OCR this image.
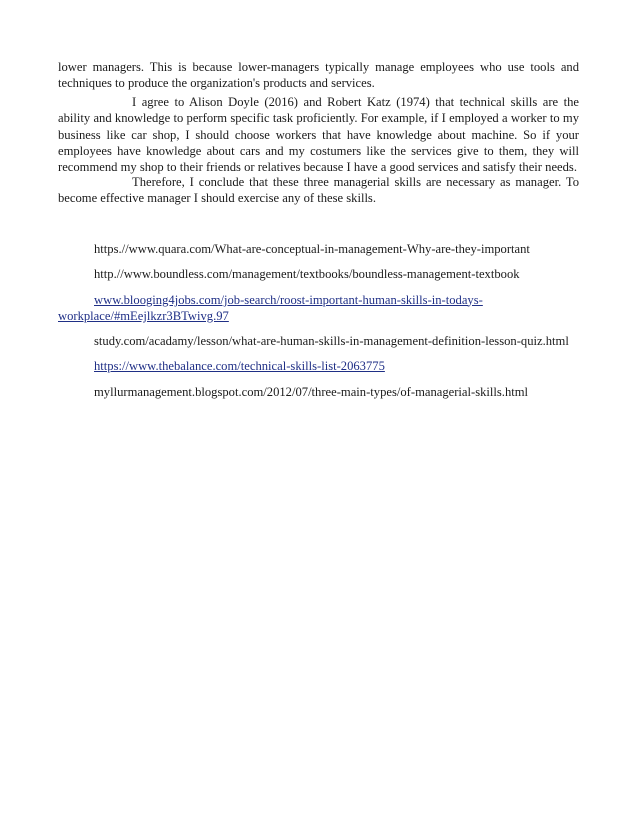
lower managers. This is because lower-managers typically manage employees who use tools and techniques to produce the organization's products and services.

I agree to Alison Doyle (2016) and Robert Katz (1974) that technical skills are the ability and knowledge to perform specific task proficiently. For example, if I employed a worker to my business like car shop, I should choose workers that have knowledge about machine. So if your employees have knowledge about cars and my costumers like the services give to them, they will recommend my shop to their friends or relatives because I have a good services and satisfy their needs.

Therefore, I conclude that these three managerial skills are necessary as manager. To become effective manager I should exercise any of these skills.

https.//www.quara.com/What-are-conceptual-in-management-Why-are-they-important

http.//www.boundless.com/management/textbooks/boundless-management-textbook

www.blooging4jobs.com/job-search/roost-important-human-skills-in-todays-workplace/#mEejlkzr3BTwivg.97

study.com/acadamy/lesson/what-are-human-skills-in-management-definition-lesson-quiz.html

https://www.thebalance.com/technical-skills-list-2063775

myllurmanagement.blogspot.com/2012/07/three-main-types/of-managerial-skills.html
